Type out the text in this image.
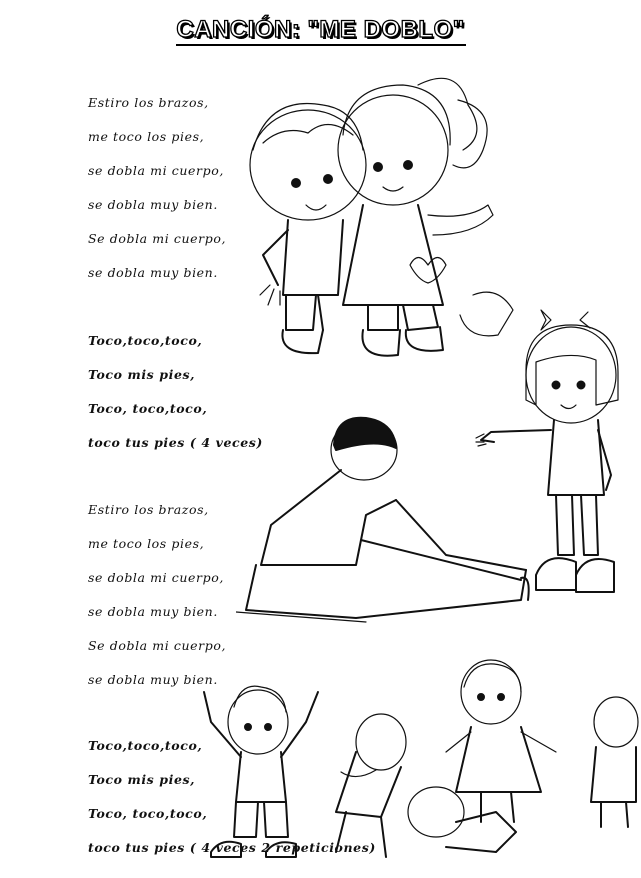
CANCIÓN: "ME DOBLO"
Estiro los brazos,
me toco los pies,
se dobla mi cuerpo,
se dobla muy bien.
Se dobla mi cuerpo,
se dobla muy bien.
Toco,toco,toco,
Toco mis pies,
Toco, toco,toco,
toco tus pies ( 4 veces)
Estiro los brazos,
me toco los pies,
se dobla mi cuerpo,
se dobla muy bien.
Se dobla mi cuerpo,
se dobla muy bien.
Toco,toco,toco,
Toco mis pies,
Toco, toco,toco,
toco tus pies ( 4 veces 2 repeticiones)
